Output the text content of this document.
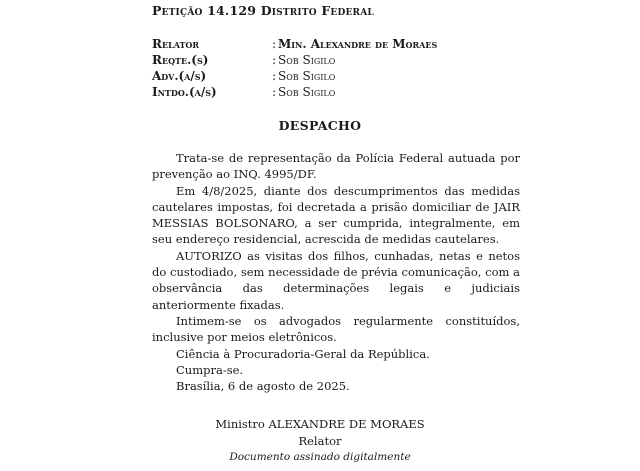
Petição 14.129 Distrito Federal
Relator	: Min. Alexandre de Moraes
Reqte.(s)	: Sob Sigilo
Adv.(a/s)	: Sob Sigilo
Intdo.(a/s)	: Sob Sigilo
DESPACHO

Trata-se de representação da Polícia Federal autuada por prevenção ao INQ. 4995/DF.

Em 4/8/2025, diante dos descumprimentos das medidas cautelares impostas, foi decretada a prisão domiciliar de JAIR MESSIAS BOLSONARO, a ser cumprida, integralmente, em seu endereço residencial, acrescida de medidas cautelares.

AUTORIZO as visitas dos filhos, cunhadas, netas e netos do custodiado, sem necessidade de prévia comunicação, com a observância das determinações legais e judiciais anteriormente fixadas.

Intimem-se os advogados regularmente constituídos, inclusive por meios eletrônicos.

Ciência à Procuradoria-Geral da República.

Cumpra-se.

Brasília, 6 de agosto de 2025.

Ministro ALEXANDRE DE MORAES
Relator
Documento assinado digitalmente
